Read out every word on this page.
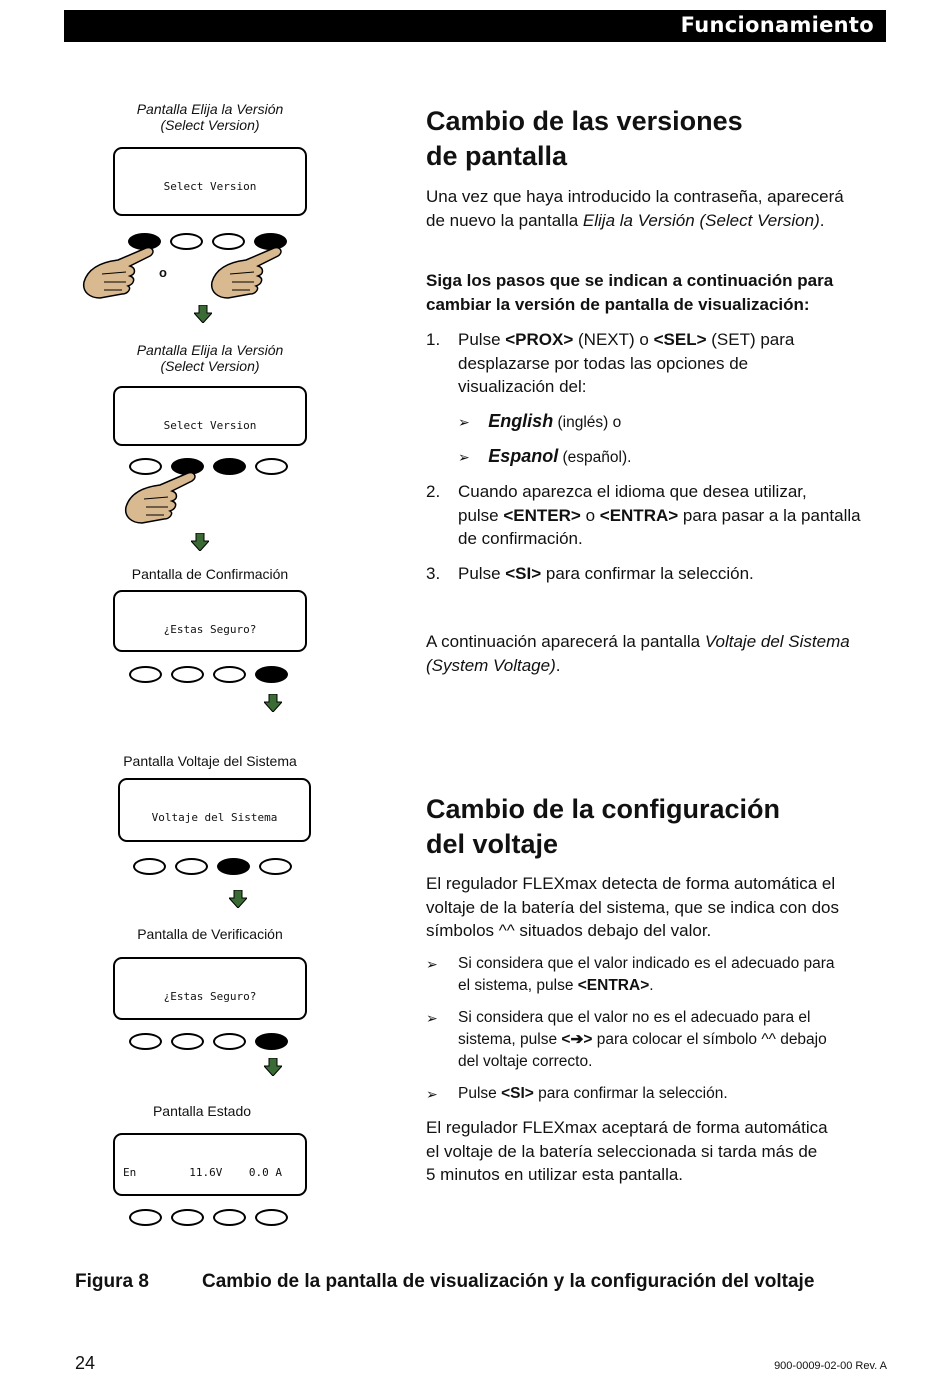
Funcionamiento
Pantalla Elija la Versión
(Select Version)

Select Version

o
Pantalla Elija la Versión
(Select Version)

Select Version

Pantalla de Confirmación

¿Estas Seguro?

Pantalla Voltaje del Sistema

Voltaje del Sistema

Pantalla de Verificación

¿Estas Seguro?

Pantalla Estado

En        11.6V    0.0 A

Cambio de las versiones
de pantalla
Una vez que haya introducido la contraseña, aparecerá
de nuevo la pantalla Elija la Versión (Select Version).
Siga los pasos que se indican a continuación para
cambiar la versión de pantalla de visualización:
1. Pulse <PROX> (NEXT) o <SEL> (SET) para
desplazarse por todas las opciones de
visualización del:
➢ English (inglés) o
➢ Espanol (español).
2. Cuando aparezca el idioma que desea utilizar,
pulse <ENTER> o <ENTRA> para pasar a la pantalla
de confirmación.
3. Pulse <SI> para confirmar la selección.
A continuación aparecerá la pantalla Voltaje del Sistema
(System Voltage).
Cambio de la configuración
del voltaje
El regulador FLEXmax detecta de forma automática el
voltaje de la batería del sistema, que se indica con dos
símbolos ^^ situados debajo del valor.
➢ Si considera que el valor indicado es el adecuado para
el sistema, pulse <ENTRA>.
➢ Si considera que el valor no es el adecuado para el
sistema, pulse <➔> para colocar el símbolo ^^ debajo
del voltaje correcto.
➢ Pulse <SI> para confirmar la selección.
El regulador FLEXmax aceptará de forma automática
el voltaje de la batería seleccionada si tarda más de
5 minutos en utilizar esta pantalla.
Figura 8	Cambio de la pantalla de visualización y la configuración del voltaje
24	900-0009-02-00 Rev. A
